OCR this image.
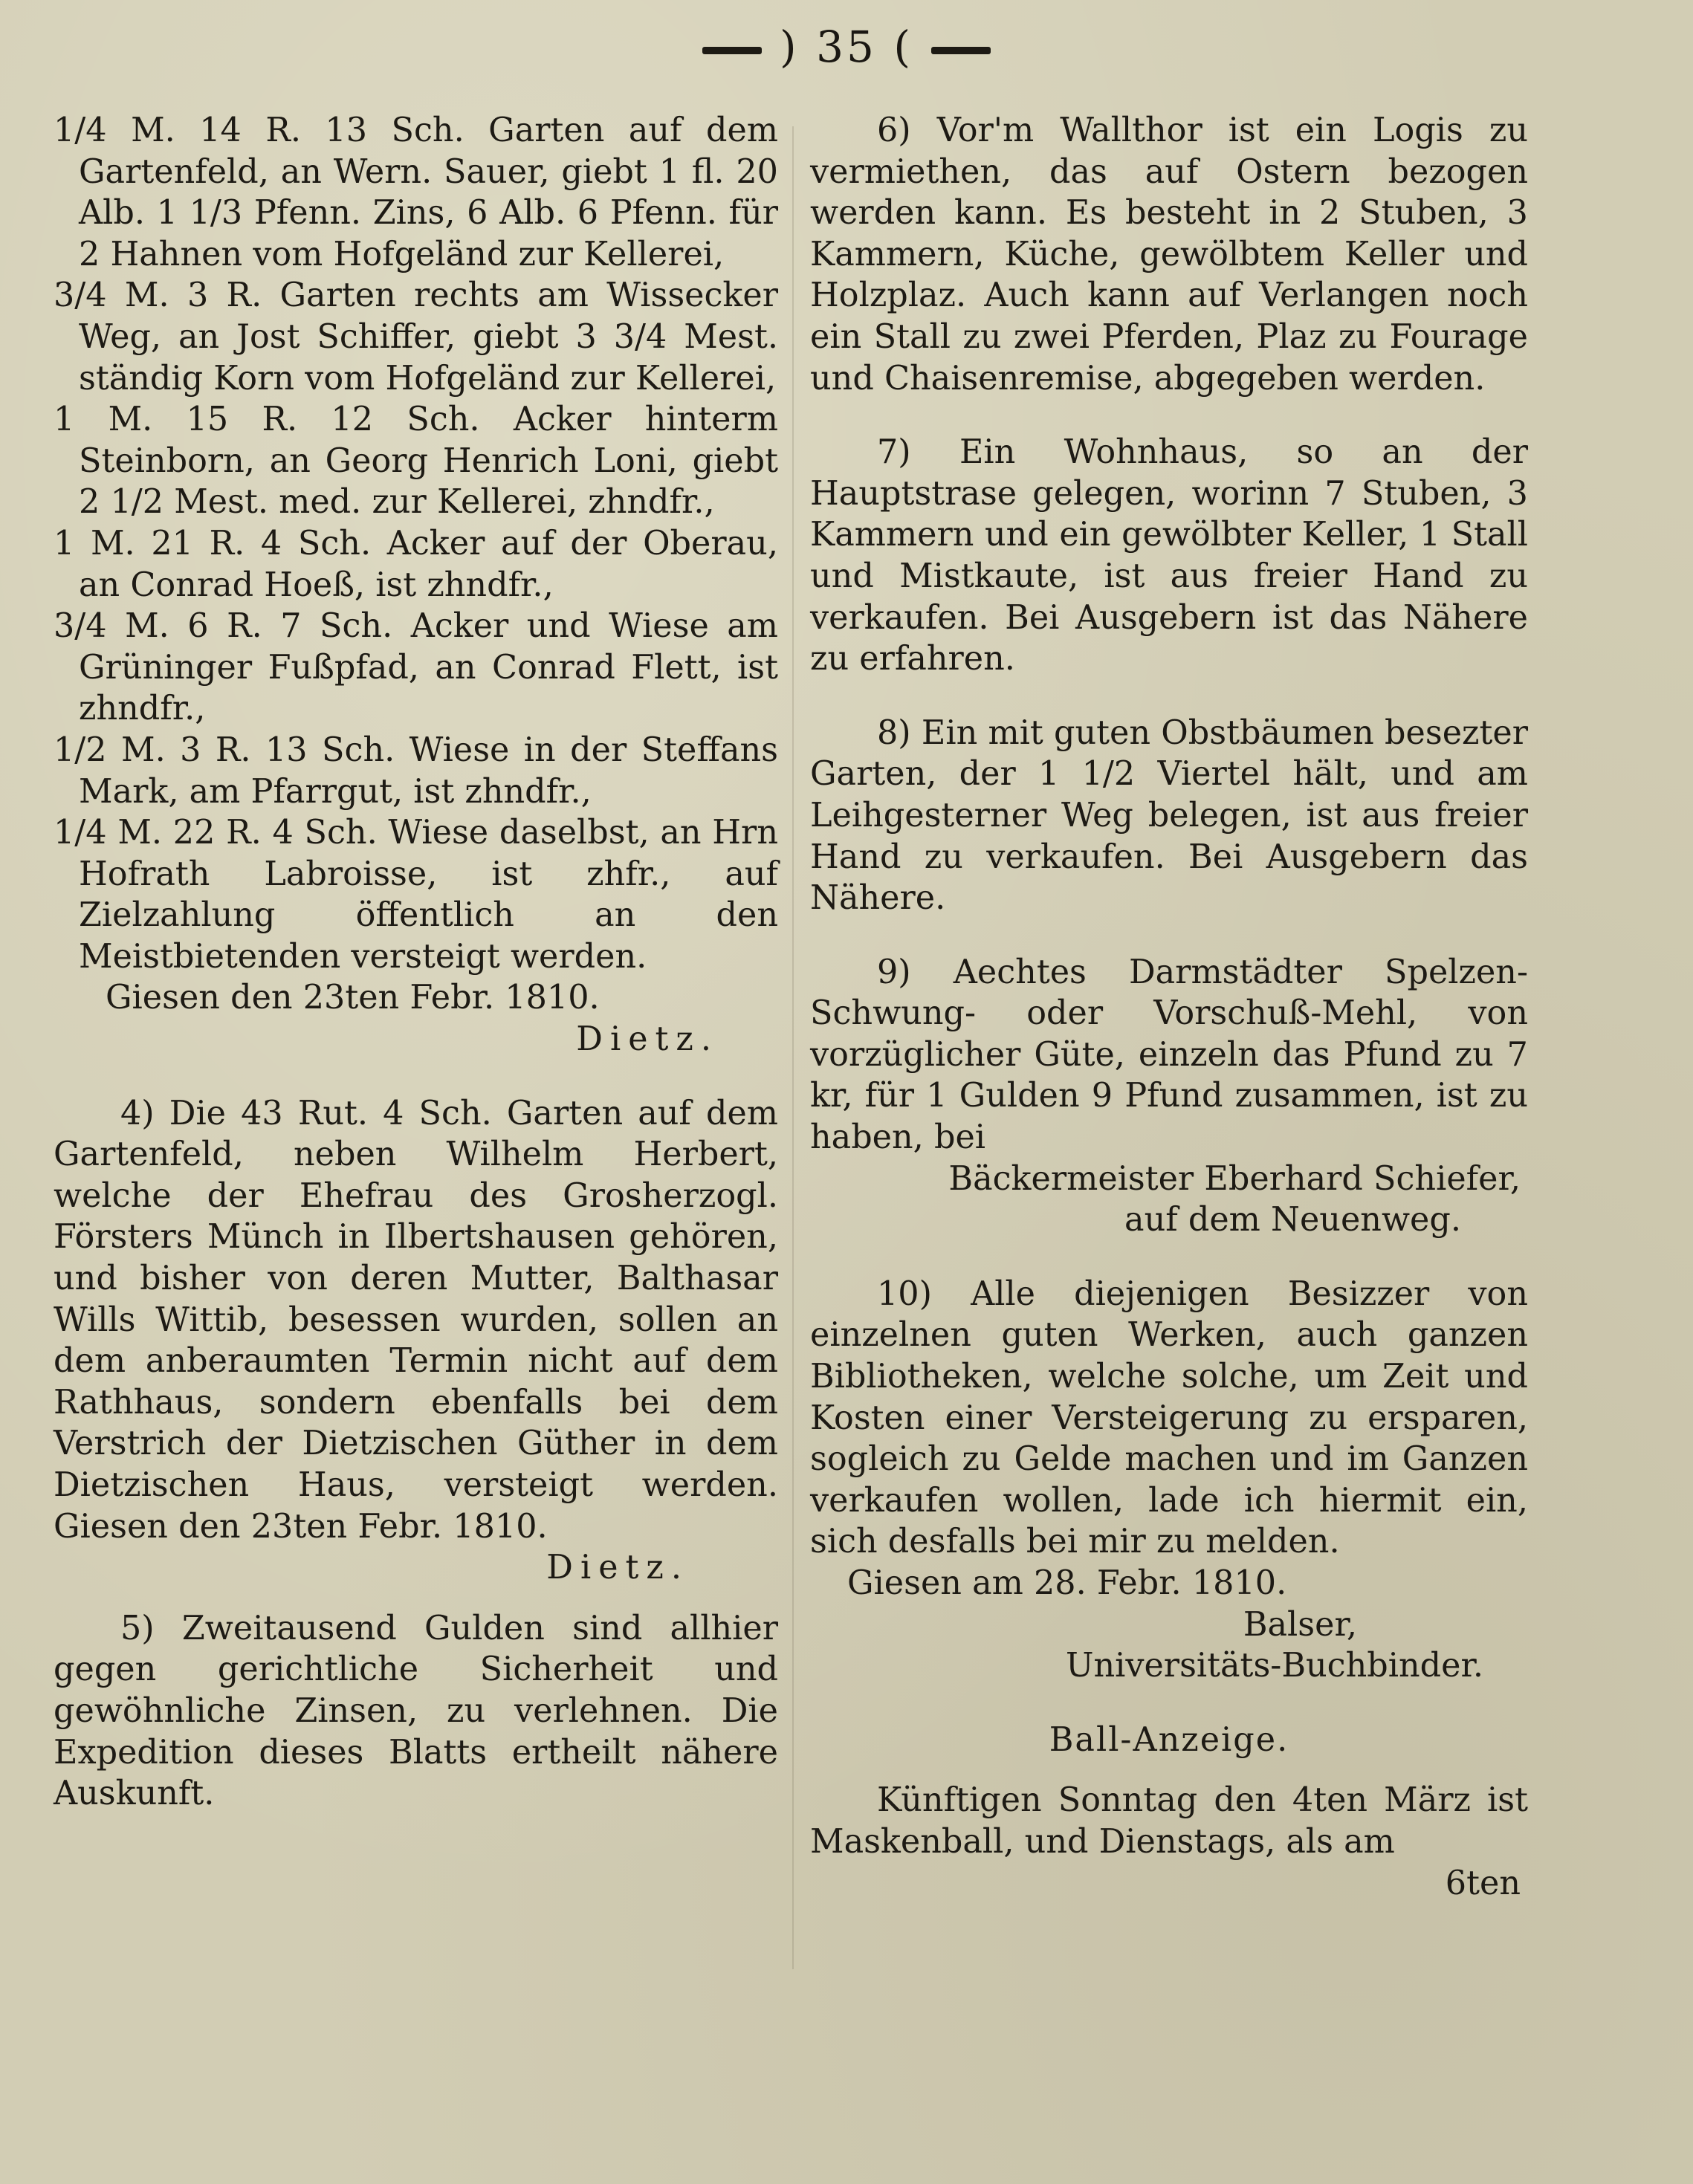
) 35 (

1/4 M. 14 R. 13 Sch. Garten auf dem Gartenfeld, an Wern. Sauer, giebt 1 fl. 20 Alb. 1 1/3 Pfenn. Zins, 6 Alb. 6 Pfenn. für 2 Hahnen vom Hofgeländ zur Kellerei,

3/4 M. 3 R. Garten rechts am Wissecker Weg, an Jost Schiffer, giebt 3 3/4 Mest. ständig Korn vom Hofgeländ zur Kellerei,

1 M. 15 R. 12 Sch. Acker hinterm Steinborn, an Georg Henrich Loni, giebt 2 1/2 Mest. med. zur Kellerei, zhndfr.,

1 M. 21 R. 4 Sch. Acker auf der Oberau, an Conrad Hoeß, ist zhndfr.,

3/4 M. 6 R. 7 Sch. Acker und Wiese am Grüninger Fußpfad, an Conrad Flett, ist zhndfr.,

1/2 M. 3 R. 13 Sch. Wiese in der Steffans Mark, am Pfarrgut, ist zhndfr.,

1/4 M. 22 R. 4 Sch. Wiese daselbst, an Hrn Hofrath Labroisse, ist zhfr., auf Zielzahlung öffentlich an den Meistbietenden versteigt werden.

Giesen den 23ten Febr. 1810.

Dietz.

4) Die 43 Rut. 4 Sch. Garten auf dem Gartenfeld, neben Wilhelm Herbert, welche der Ehefrau des Grosherzogl. Försters Münch in Ilbertshausen gehören, und bisher von deren Mutter, Balthasar Wills Wittib, besessen wurden, sollen an dem anberaumten Termin nicht auf dem Rathhaus, sondern ebenfalls bei dem Verstrich der Dietzischen Güther in dem Dietzischen Haus, versteigt werden. Giesen den 23ten Febr. 1810.

Dietz.

5) Zweitausend Gulden sind allhier gegen gerichtliche Sicherheit und gewöhnliche Zinsen, zu verlehnen. Die Expedition dieses Blatts ertheilt nähere Auskunft.

6) Vor'm Wallthor ist ein Logis zu vermiethen, das auf Ostern bezogen werden kann. Es besteht in 2 Stuben, 3 Kammern, Küche, gewölbtem Keller und Holzplaz. Auch kann auf Verlangen noch ein Stall zu zwei Pferden, Plaz zu Fourage und Chaisenremise, abgegeben werden.

7) Ein Wohnhaus, so an der Hauptstrase gelegen, worinn 7 Stuben, 3 Kammern und ein gewölbter Keller, 1 Stall und Mistkaute, ist aus freier Hand zu verkaufen. Bei Ausgebern ist das Nähere zu erfahren.

8) Ein mit guten Obstbäumen besezter Garten, der 1 1/2 Viertel hält, und am Leihgesterner Weg belegen, ist aus freier Hand zu verkaufen. Bei Ausgebern das Nähere.

9) Aechtes Darmstädter Spelzen-Schwung- oder Vorschuß-Mehl, von vorzüglicher Güte, einzeln das Pfund zu 7 kr, für 1 Gulden 9 Pfund zusammen, ist zu haben, bei

Bäckermeister Eberhard Schiefer,

auf dem Neuenweg.

10) Alle diejenigen Besizzer von einzelnen guten Werken, auch ganzen Bibliotheken, welche solche, um Zeit und Kosten einer Versteigerung zu ersparen, sogleich zu Gelde machen und im Ganzen verkaufen wollen, lade ich hiermit ein, sich desfalls bei mir zu melden.

Giesen am 28. Febr. 1810.

Balser,

Universitäts-Buchbinder.

Ball-Anzeige.

Künftigen Sonntag den 4ten März ist Maskenball, und Dienstags, als am

6ten
